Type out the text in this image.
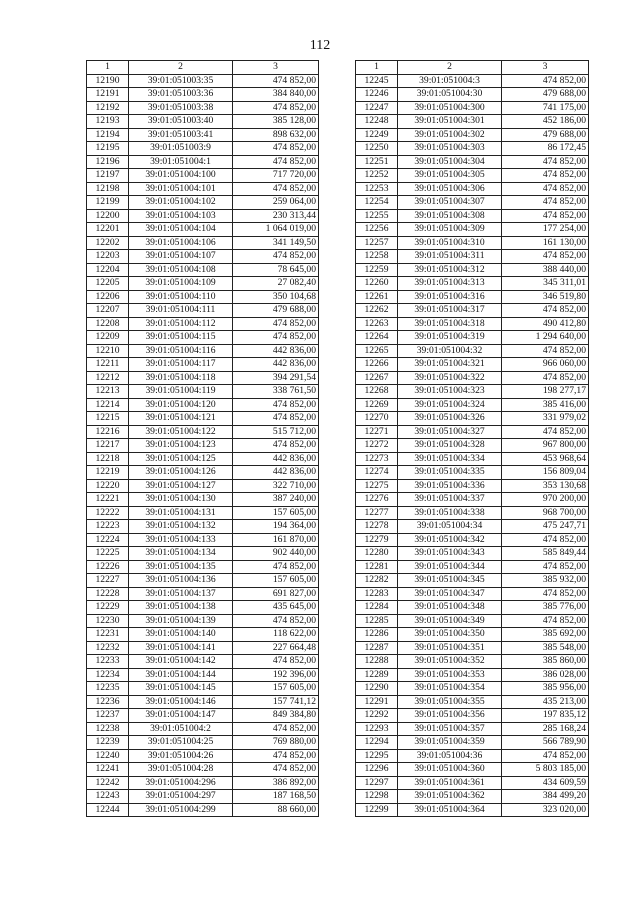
112
1	2	3
12190	39:01:051003:35	474 852,00
12191	39:01:051003:36	384 840,00
12192	39:01:051003:38	474 852,00
12193	39:01:051003:40	385 128,00
12194	39:01:051003:41	898 632,00
12195	39:01:051003:9	474 852,00
12196	39:01:051004:1	474 852,00
12197	39:01:051004:100	717 720,00
12198	39:01:051004:101	474 852,00
12199	39:01:051004:102	259 064,00
12200	39:01:051004:103	230 313,44
12201	39:01:051004:104	1 064 019,00
12202	39:01:051004:106	341 149,50
12203	39:01:051004:107	474 852,00
12204	39:01:051004:108	78 645,00
12205	39:01:051004:109	27 082,40
12206	39:01:051004:110	350 104,68
12207	39:01:051004:111	479 688,00
12208	39:01:051004:112	474 852,00
12209	39:01:051004:115	474 852,00
12210	39:01:051004:116	442 836,00
12211	39:01:051004:117	442 836,00
12212	39:01:051004:118	394 291,54
12213	39:01:051004:119	338 761,50
12214	39:01:051004:120	474 852,00
12215	39:01:051004:121	474 852,00
12216	39:01:051004:122	515 712,00
12217	39:01:051004:123	474 852,00
12218	39:01:051004:125	442 836,00
12219	39:01:051004:126	442 836,00
12220	39:01:051004:127	322 710,00
12221	39:01:051004:130	387 240,00
12222	39:01:051004:131	157 605,00
12223	39:01:051004:132	194 364,00
12224	39:01:051004:133	161 870,00
12225	39:01:051004:134	902 440,00
12226	39:01:051004:135	474 852,00
12227	39:01:051004:136	157 605,00
12228	39:01:051004:137	691 827,00
12229	39:01:051004:138	435 645,00
12230	39:01:051004:139	474 852,00
12231	39:01:051004:140	118 622,00
12232	39:01:051004:141	227 664,48
12233	39:01:051004:142	474 852,00
12234	39:01:051004:144	192 396,00
12235	39:01:051004:145	157 605,00
12236	39:01:051004:146	157 741,12
12237	39:01:051004:147	849 384,80
12238	39:01:051004:2	474 852,00
12239	39:01:051004:25	769 880,00
12240	39:01:051004:26	474 852,00
12241	39:01:051004:28	474 852,00
12242	39:01:051004:296	386 892,00
12243	39:01:051004:297	187 168,50
12244	39:01:051004:299	88 660,00
1	2	3
12245	39:01:051004:3	474 852,00
12246	39:01:051004:30	479 688,00
12247	39:01:051004:300	741 175,00
12248	39:01:051004:301	452 186,00
12249	39:01:051004:302	479 688,00
12250	39:01:051004:303	86 172,45
12251	39:01:051004:304	474 852,00
12252	39:01:051004:305	474 852,00
12253	39:01:051004:306	474 852,00
12254	39:01:051004:307	474 852,00
12255	39:01:051004:308	474 852,00
12256	39:01:051004:309	177 254,00
12257	39:01:051004:310	161 130,00
12258	39:01:051004:311	474 852,00
12259	39:01:051004:312	388 440,00
12260	39:01:051004:313	345 311,01
12261	39:01:051004:316	346 519,80
12262	39:01:051004:317	474 852,00
12263	39:01:051004:318	490 412,80
12264	39:01:051004:319	1 294 640,00
12265	39:01:051004:32	474 852,00
12266	39:01:051004:321	966 060,00
12267	39:01:051004:322	474 852,00
12268	39:01:051004:323	198 277,17
12269	39:01:051004:324	385 416,00
12270	39:01:051004:326	331 979,02
12271	39:01:051004:327	474 852,00
12272	39:01:051004:328	967 800,00
12273	39:01:051004:334	453 968,64
12274	39:01:051004:335	156 809,04
12275	39:01:051004:336	353 130,68
12276	39:01:051004:337	970 200,00
12277	39:01:051004:338	968 700,00
12278	39:01:051004:34	475 247,71
12279	39:01:051004:342	474 852,00
12280	39:01:051004:343	585 849,44
12281	39:01:051004:344	474 852,00
12282	39:01:051004:345	385 932,00
12283	39:01:051004:347	474 852,00
12284	39:01:051004:348	385 776,00
12285	39:01:051004:349	474 852,00
12286	39:01:051004:350	385 692,00
12287	39:01:051004:351	385 548,00
12288	39:01:051004:352	385 860,00
12289	39:01:051004:353	386 028,00
12290	39:01:051004:354	385 956,00
12291	39:01:051004:355	435 213,00
12292	39:01:051004:356	197 835,12
12293	39:01:051004:357	285 168,24
12294	39:01:051004:359	566 789,90
12295	39:01:051004:36	474 852,00
12296	39:01:051004:360	5 803 185,00
12297	39:01:051004:361	434 609,59
12298	39:01:051004:362	384 499,20
12299	39:01:051004:364	323 020,00
